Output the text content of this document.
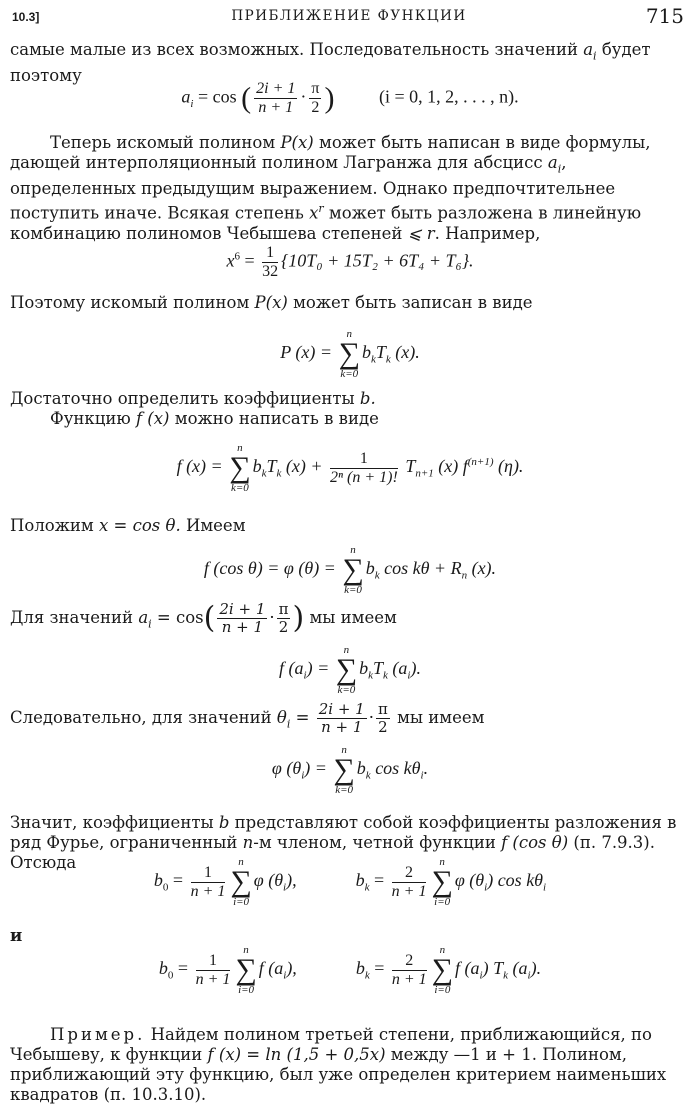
10.3]	ПРИБЛИЖЕНИЕ ФУНКЦИИ	715

самые малые из всех возможных. Последовательность значений $a_i$ будет поэтому

$a_i = \cos$ ( $\frac{2i + 1}{n + 1} \cdot \frac{\pi}{2}$ ) (i = 0, 1, 2, . . . , n).

Теперь искомый полином P(x) может быть написан в виде формулы, дающей интерполяционный полином Лагранжа для абсцисс $a_i$, определенных предыдущим выражением. Однако предпочтительнее поступить иначе. Всякая степень $x^r$ может быть разложена в линейную комбинацию полиномов Чебышева степеней ⩽ r. Например,

$x^6 = \frac{1}{32} \{10T_0 + 15T_2 + 6T_4 + T_6\}$.

Поэтому искомый полином P(x) может быть записан в виде

P (x) =
n
∑
k=0
$b_kT_k$ (x).

Достаточно определить коэффициенты b.

Функцию f (x) можно написать в виде

f (x) =
n
∑
k=0
$b_kT_k$ $(x) + \frac{1}{\text{2ⁿ (n + 1)!}} T_{n+1}$ (x) $f^{(n+1)}$ (η).

Положим x = cos θ. Имеем

f (cos θ) = φ (θ) =
n
∑
k=0
$b_k$ $\cos k\theta + R_n$ (x).

Для значений $a_i = \cos( \frac{2i + 1}{n + 1} \cdot \frac{\pi}{2}$ ) мы имеем

f $(a_i)$ =
n
∑
k=0
$b_kT_k$ $(a_i)$.

Следовательно, для значений $\theta_i = \frac{2i + 1}{n + 1} \cdot \frac{\pi}{2}$ мы имеем

φ $(\theta_i)$ =
n
∑
k=0
$b_k$ $\cos k\theta_i$.

Значит, коэффициенты b представляют собой коэффициенты разложения в ряд Фурье, ограниченный n-м членом, четной функции f (cos θ) (п. 7.9.3). Отсюда

$b_0 = \frac{1}{n + 1}$
n
∑
i=0
φ $(\theta_i)$,	$b_k = \frac{2}{n + 1}$
n
∑
i=0
φ $(\theta_i)$ $\cos k\theta_i$

и

$b_0 = \frac{1}{n + 1}$
n
∑
i=0
f $(a_i)$,	$b_k = \frac{2}{n + 1}$
n
∑
i=0
f $(a_i)$ $T_k$ $(a_i)$.

Пример. Найдем полином третьей степени, приближающийся, по Чебышеву, к функции f (x) = ln (1,5 + 0,5x) между —1 и + 1. Полином, приближающий эту функцию, был уже определен критерием наименьших квадратов (п. 10.3.10).
